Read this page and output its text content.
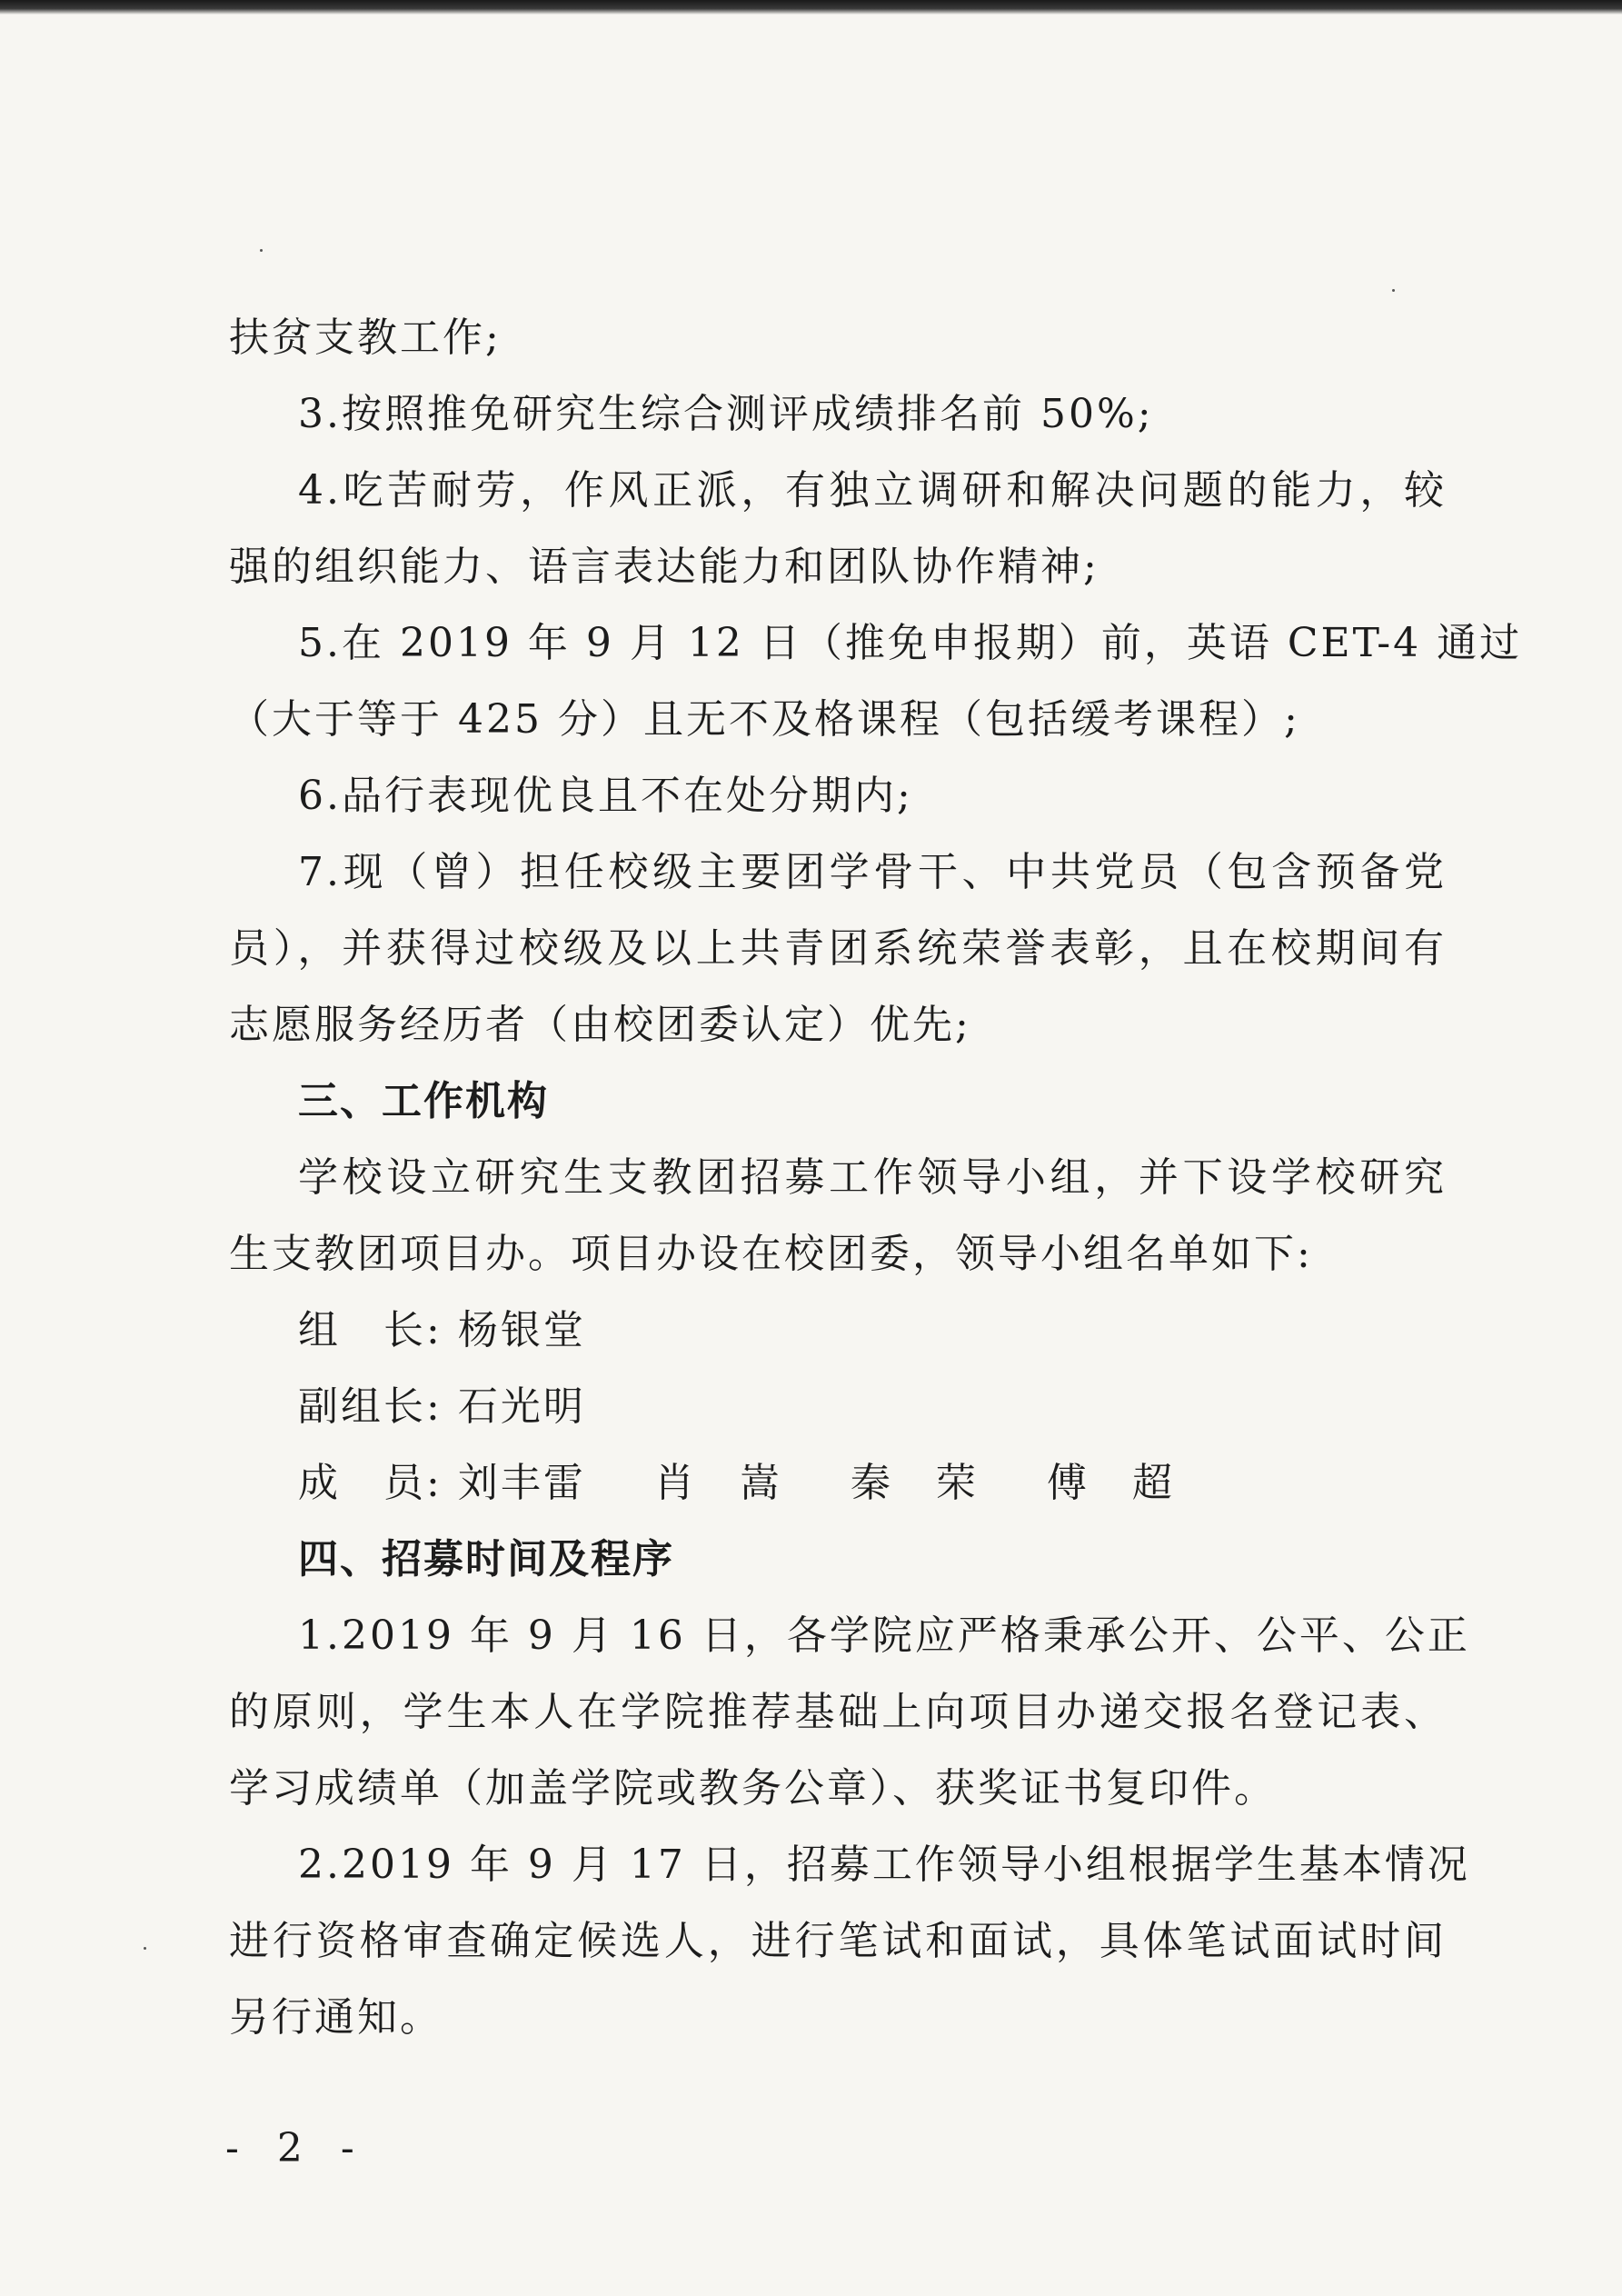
扶贫支教工作;
3.按照推免研究生综合测评成绩排名前 50%;
4.吃苦耐劳，作风正派，有独立调研和解决问题的能力，较
强的组织能力、语言表达能力和团队协作精神;
5.在 2019 年 9 月 12 日（推免申报期）前，英语 CET-4 通过
（大于等于 425 分）且无不及格课程（包括缓考课程）;
6.品行表现优良且不在处分期内;
7.现（曾）担任校级主要团学骨干、中共党员（包含预备党
员），并获得过校级及以上共青团系统荣誉表彰，且在校期间有
志愿服务经历者（由校团委认定）优先;
三、工作机构
学校设立研究生支教团招募工作领导小组，并下设学校研究
生支教团项目办。项目办设在校团委，领导小组名单如下:
组　长: 杨银堂
副组长: 石光明
成　员: 刘丰雷 肖　嵩 秦　荣 傅　超
四、招募时间及程序
1.2019 年 9 月 16 日，各学院应严格秉承公开、公平、公正
的原则，学生本人在学院推荐基础上向项目办递交报名登记表、
学习成绩单（加盖学院或教务公章）、获奖证书复印件。
2.2019 年 9 月 17 日，招募工作领导小组根据学生基本情况
进行资格审查确定候选人，进行笔试和面试，具体笔试面试时间
另行通知。
- 2 -
